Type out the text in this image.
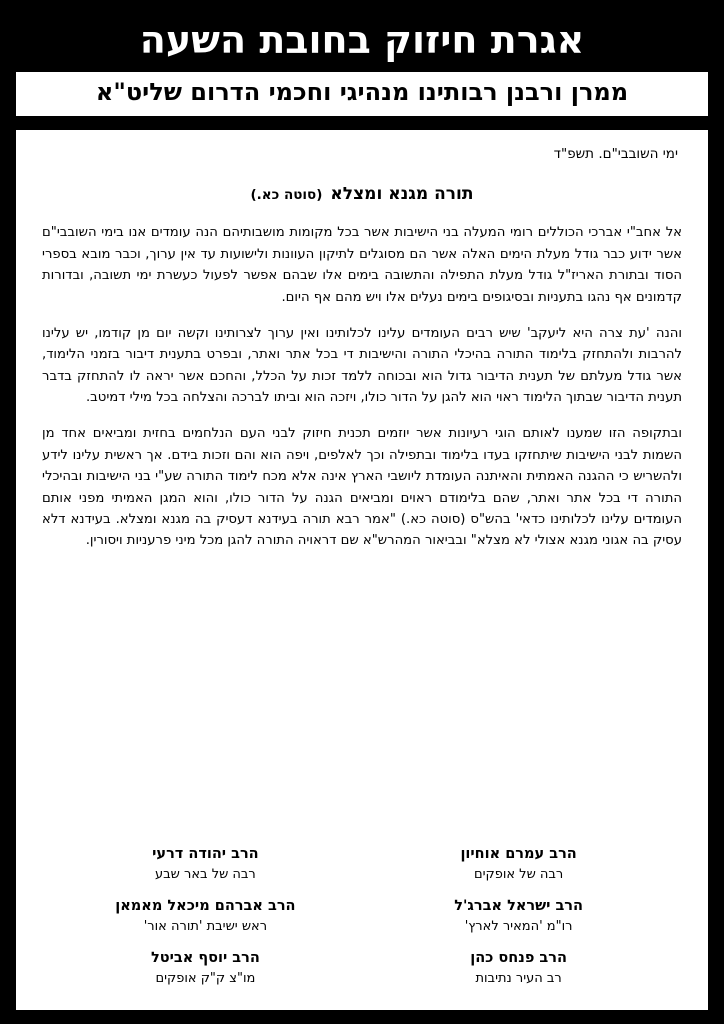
אגרת חיזוק בחובת השעה
ממרן ורבנן רבותינו מנהיגי וחכמי הדרום שליט"א
ימי השובבי"ם. תשפ"ד
תורה מגנא ומצלא(סוטה כא.)

אל אחב"י אברכי הכוללים רומי המעלה בני הישיבות אשר בכל מקומות מושבותיהם הנה עומדים אנו בימי השובבי"ם אשר ידוע כבר גודל מעלת הימים האלה אשר הם מסוגלים לתיקון העוונות ולישועות עד אין ערוך, וכבר מובא בספרי הסוד ובתורת האריז"ל גודל מעלת התפילה והתשובה בימים אלו שבהם אפשר לפעול כעשרת ימי תשובה, ובדורות קדמונים אף נהגו בתעניות ובסיגופים בימים נעלים אלו ויש מהם אף היום.

והנה 'עת צרה היא ליעקב' שיש רבים העומדים עלינו לכלותינו ואין ערוך לצרותינו וקשה יום מן קודמו, יש עלינו להרבות ולהתחזק בלימוד התורה בהיכלי התורה והישיבות די בכל אתר ואתר, ובפרט בתענית דיבור בזמני הלימוד, אשר גודל מעלתם של תענית הדיבור גדול הוא ובכוחה ללמד זכות על הכלל, והחכם אשר יראה לו להתחזק בדבר תענית הדיבור שבתוך הלימוד ראוי הוא להגן על הדור כולו, ויזכה הוא וביתו לברכה והצלחה בכל מילי דמיטב.

ובתקופה הזו שמענו לאותם הוגי רעיונות אשר יוזמים תכנית חיזוק לבני העם הנלחמים בחזית ומביאים אחד מן השמות לבני הישיבות שיתחזקו בעדו בלימוד ובתפילה וכך לאלפים, ויפה הוא והם וזכות בידם. אך ראשית עלינו לידע ולהשריש כי ההגנה האמתית והאיתנה העומדת ליושבי הארץ אינה אלא מכח לימוד התורה שע"י בני הישיבות ובהיכלי התורה די בכל אתר ואתר, שהם בלימודם ראוים ומביאים הגנה על הדור כולו, והוא המגן האמיתי מפני אותם העומדים עלינו לכלותינו כדאי' בהש"ס (סוטה כא.) "אמר רבא תורה בעידנא דעסיק בה מגנא ומצלא. בעידנא דלא עסיק בה אגוני מגנא אצולי לא מצלא" ובביאור המהרש"א שם דראויה התורה להגן מכל מיני פרעניות ויסורין.

הרב עמרם אוחיון
רבה של אופקים
הרב יהודה דרעי
רבה של באר שבע
הרב ישראל אברג'ל
רו"מ 'המאיר לארץ'
הרב אברהם מיכאל מאמאן
ראש ישיבת 'תורה אור'
הרב פנחס כהן
רב העיר נתיבות
הרב יוסף אביטל
מו"צ ק"ק אופקים
